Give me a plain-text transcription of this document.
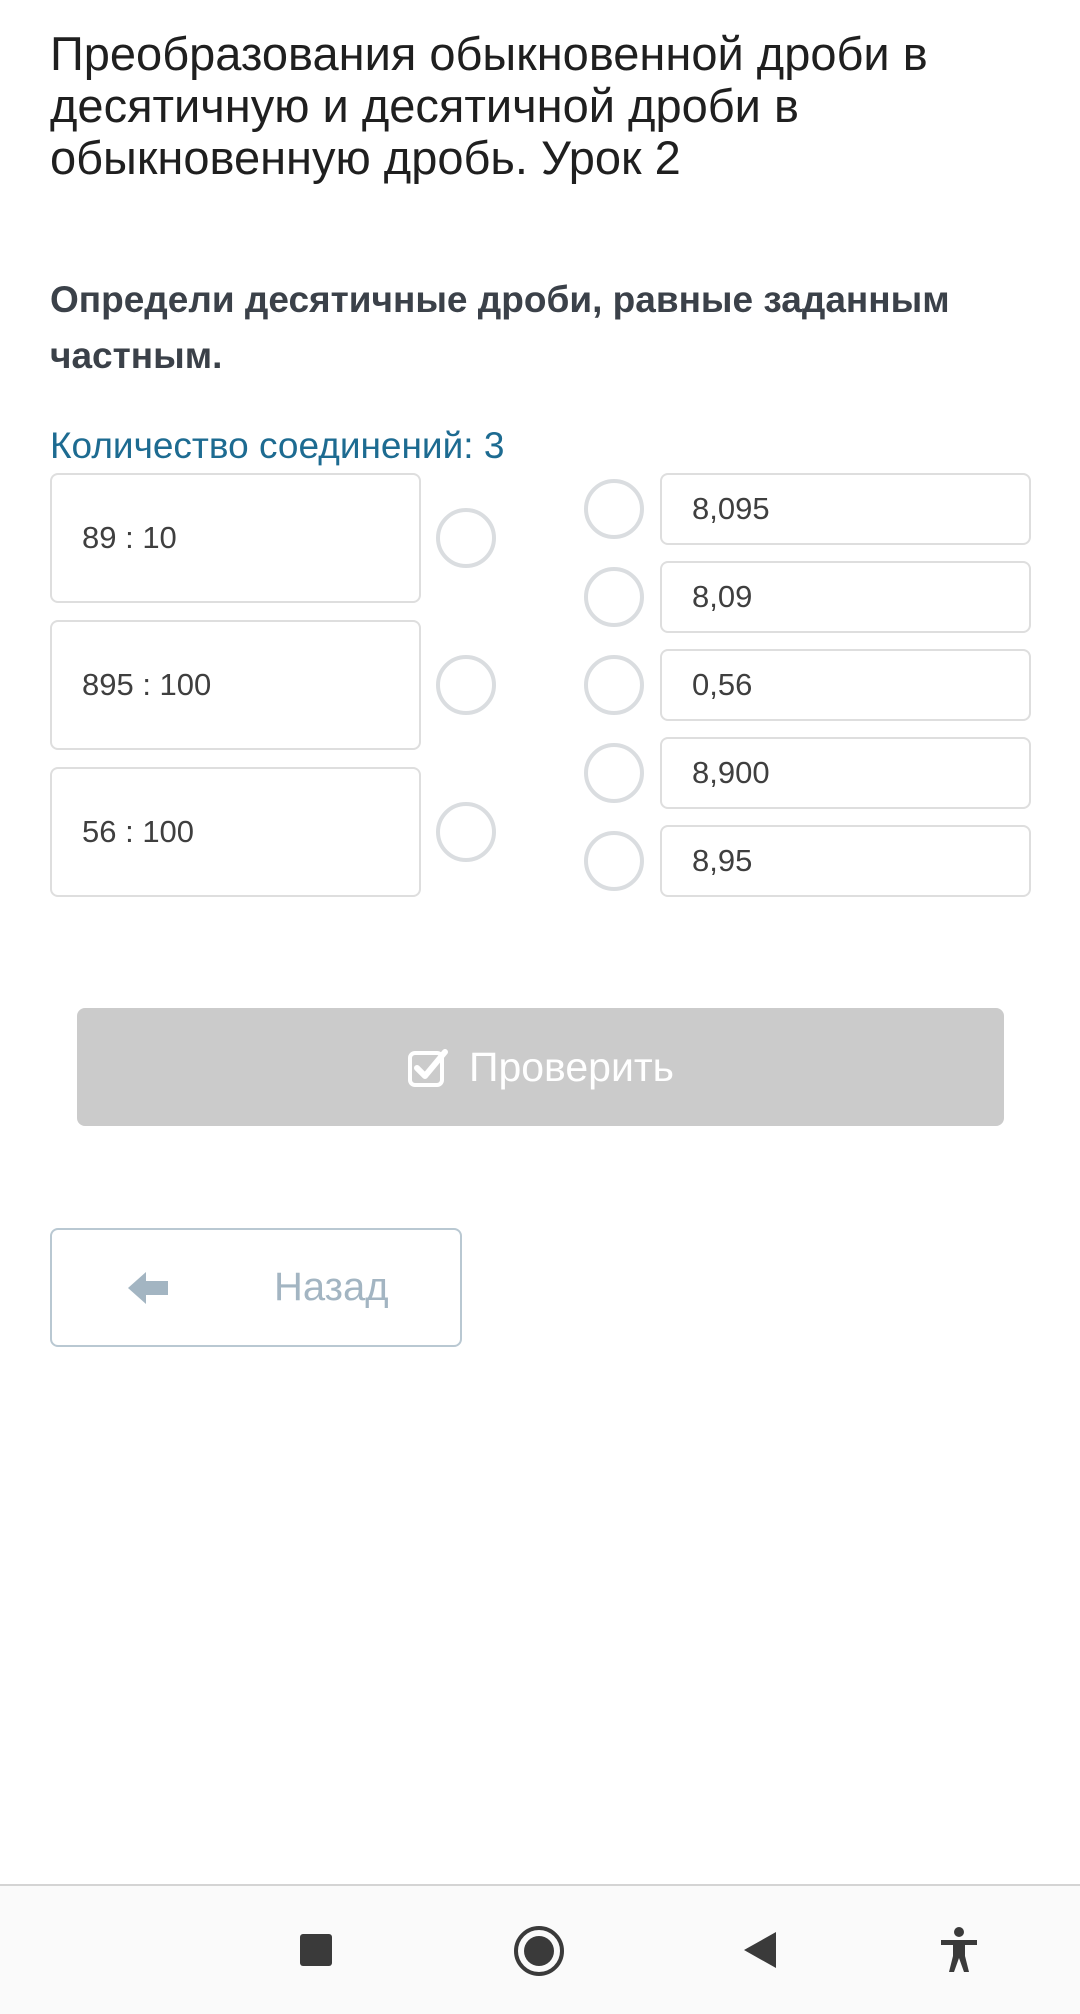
Преобразования обыкновенной дроби в десятичную и десятичной дроби в обыкновенную дробь. Урок 2
Определи десятичные дроби, равные заданным частным.
Количество соединений: 3
89 : 10
895 : 100
56 : 100
8,095
8,09
0,56
8,900
8,95
Проверить
Назад
